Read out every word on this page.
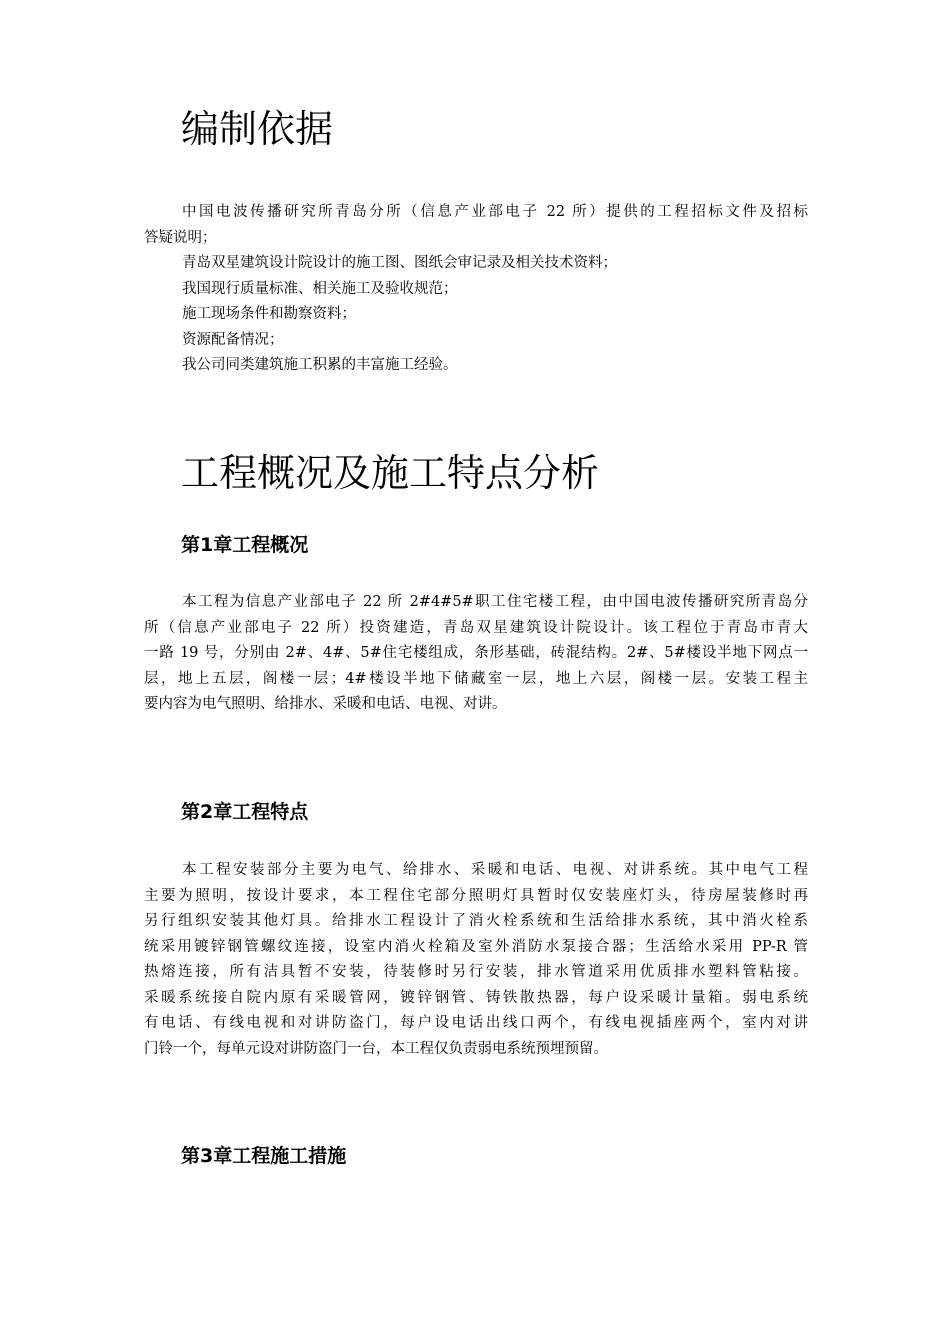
编制依据
中国电波传播研究所青岛分所（信息产业部电子 22 所）提供的工程招标文件及招标
答疑说明；
青岛双星建筑设计院设计的施工图、图纸会审记录及相关技术资料；
我国现行质量标准、相关施工及验收规范；
施工现场条件和勘察资料；
资源配备情况；
我公司同类建筑施工积累的丰富施工经验。
工程概况及施工特点分析
第1章工程概况
本工程为信息产业部电子 22 所 2#4#5#职工住宅楼工程，由中国电波传播研究所青岛分
所（信息产业部电子 22 所）投资建造，青岛双星建筑设计院设计。该工程位于青岛市青大
一路 19 号，分别由 2#、4#、5#住宅楼组成，条形基础，砖混结构。2#、5#楼设半地下网点一
层，地上五层，阁楼一层；4#楼设半地下储藏室一层，地上六层，阁楼一层。安装工程主
要内容为电气照明、给排水、采暖和电话、电视、对讲。
第2章工程特点
本工程安装部分主要为电气、给排水、采暖和电话、电视、对讲系统。其中电气工程
主要为照明，按设计要求，本工程住宅部分照明灯具暂时仅安装座灯头，待房屋装修时再
另行组织安装其他灯具。给排水工程设计了消火栓系统和生活给排水系统，其中消火栓系
统采用镀锌钢管螺纹连接，设室内消火栓箱及室外消防水泵接合器；生活给水采用 PP-R 管
热熔连接，所有洁具暂不安装，待装修时另行安装，排水管道采用优质排水塑料管粘接。
采暖系统接自院内原有采暖管网，镀锌钢管、铸铁散热器，每户设采暖计量箱。弱电系统
有电话、有线电视和对讲防盗门，每户设电话出线口两个，有线电视插座两个，室内对讲
门铃一个，每单元设对讲防盗门一台，本工程仅负责弱电系统预埋预留。
第3章工程施工措施
